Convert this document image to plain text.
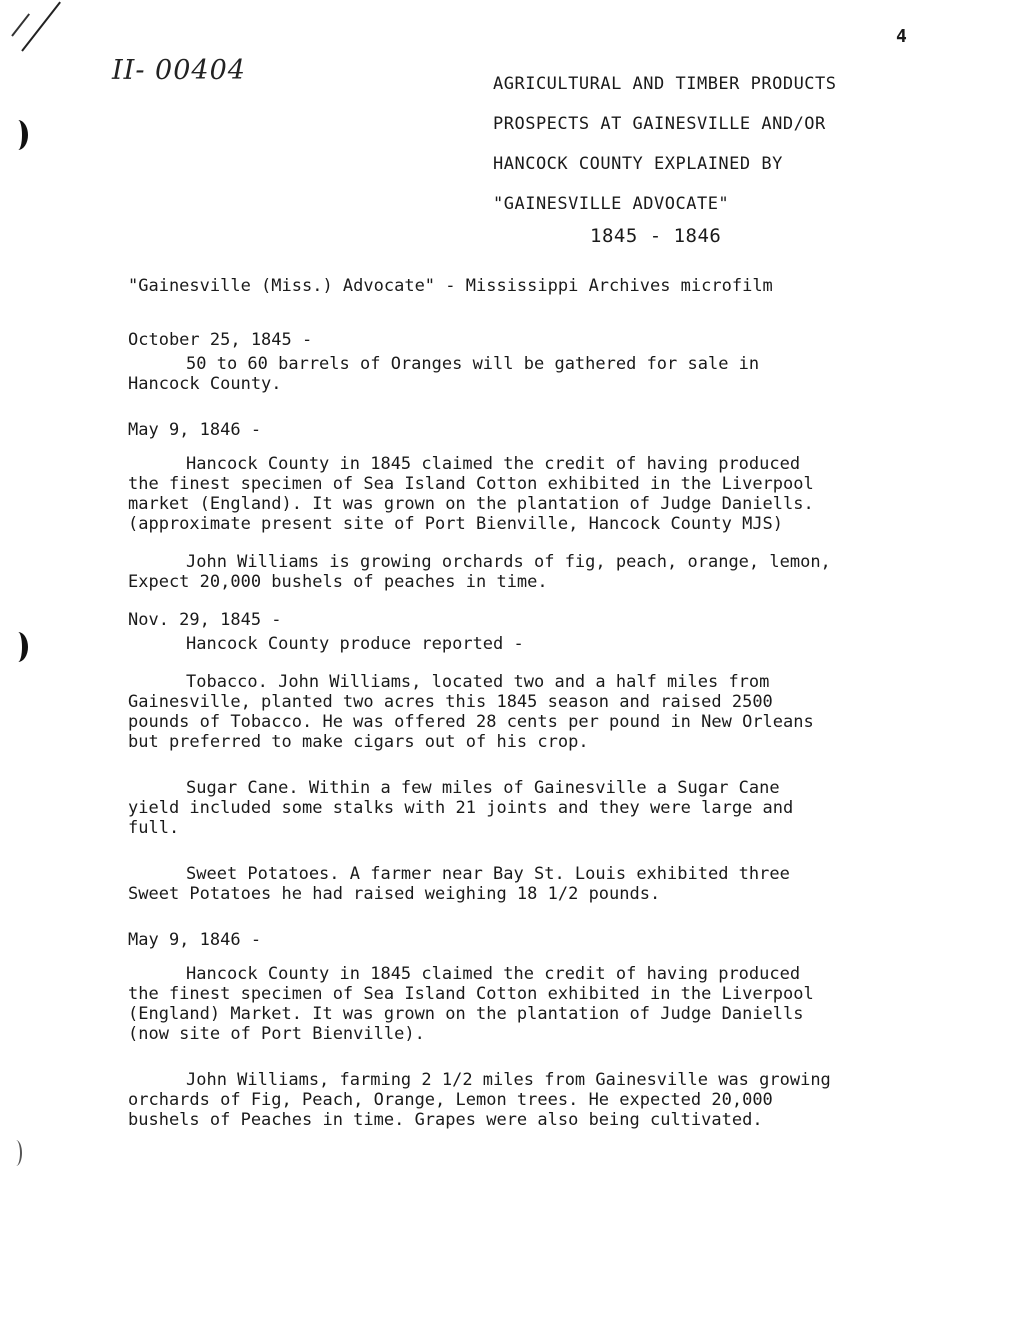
II- 00404
4
AGRICULTURAL AND TIMBER PRODUCTS
PROSPECTS AT GAINESVILLE AND/OR
HANCOCK COUNTY EXPLAINED BY
"GAINESVILLE ADVOCATE"
1845 - 1846
"Gainesville (Miss.) Advocate" - Mississippi Archives microfilm
October 25, 1845 -
50 to 60 barrels of Oranges will be gathered for sale in
Hancock County.
May 9, 1846 -
Hancock County in 1845 claimed the credit of having produced
the finest specimen of Sea Island Cotton exhibited in the Liverpool
market (England). It was grown on the plantation of Judge Daniells.
(approximate present site of Port Bienville, Hancock County MJS)
John Williams is growing orchards of fig, peach, orange, lemon,
Expect 20,000 bushels of peaches in time.
Nov. 29, 1845 -
Hancock County produce reported -
Tobacco. John Williams, located two and a half miles from
Gainesville, planted two acres this 1845 season and raised 2500
pounds of Tobacco. He was offered 28 cents per pound in New Orleans
but preferred to make cigars out of his crop.
Sugar Cane. Within a few miles of Gainesville a Sugar Cane
yield included some stalks with 21 joints and they were large and
full.
Sweet Potatoes. A farmer near Bay St. Louis exhibited three
Sweet Potatoes he had raised weighing 18 1/2 pounds.
May 9, 1846 -
Hancock County in 1845 claimed the credit of having produced
the finest specimen of Sea Island Cotton exhibited in the Liverpool
(England) Market. It was grown on the plantation of Judge Daniells
(now site of Port Bienville).
John Williams, farming 2 1/2 miles from Gainesville was growing
orchards of Fig, Peach, Orange, Lemon trees. He expected 20,000
bushels of Peaches in time. Grapes were also being cultivated.
